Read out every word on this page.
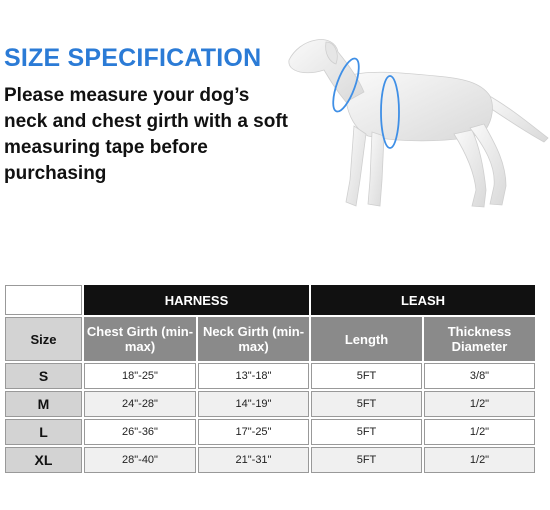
SIZE SPECIFICATION
Please measure your dog’s neck and chest girth with a soft measuring tape before purchasing
	HARNESS		LEASH	
Size	Chest Girth (min-max)	Neck Girth (min-max)	Length	Thickness Diameter
S	18"-25"	13"-18"	5FT	3/8"
M	24"-28"	14"-19"	5FT	1/2"
L	26"-36"	17"-25"	5FT	1/2"
XL	28"-40"	21"-31"	5FT	1/2"
